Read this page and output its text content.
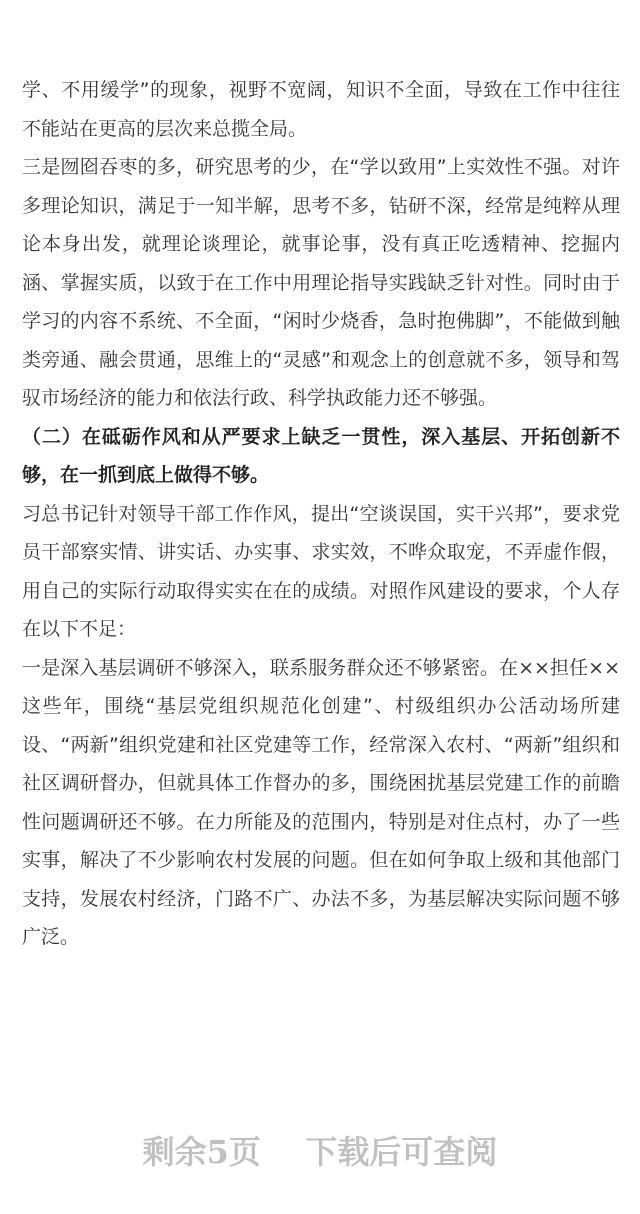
学、不用缓学”的现象，视野不宽阔，知识不全面，导致在工作中往往不能站在更高的层次来总揽全局。

三是囫囵吞枣的多，研究思考的少，在“学以致用”上实效性不强。对许多理论知识，满足于一知半解，思考不多，钻研不深，经常是纯粹从理论本身出发，就理论谈理论，就事论事，没有真正吃透精神、挖掘内涵、掌握实质，以致于在工作中用理论指导实践缺乏针对性。同时由于学习的内容不系统、不全面，“闲时少烧香，急时抱佛脚”，不能做到触类旁通、融会贯通，思维上的“灵感”和观念上的创意就不多，领导和驾驭市场经济的能力和依法行政、科学执政能力还不够强。

（二）在砥砺作风和从严要求上缺乏一贯性，深入基层、开拓创新不够，在一抓到底上做得不够。

习总书记针对领导干部工作作风，提出“空谈误国，实干兴邦”，要求党员干部察实情、讲实话、办实事、求实效，不哗众取宠，不弄虚作假，用自己的实际行动取得实实在在的成绩。对照作风建设的要求，个人存在以下不足：

一是深入基层调研不够深入，联系服务群众还不够紧密。在××担任××这些年，围绕“基层党组织规范化创建”、村级组织办公活动场所建设、“两新”组织党建和社区党建等工作，经常深入农村、“两新”组织和社区调研督办，但就具体工作督办的多，围绕困扰基层党建工作的前瞻性问题调研还不够。在力所能及的范围内，特别是对住点村，办了一些实事，解决了不少影响农村发展的问题。但在如何争取上级和其他部门支持，发展农村经济，门路不广、办法不多，为基层解决实际问题不够广泛。

剩余5页 下载后可查阅
